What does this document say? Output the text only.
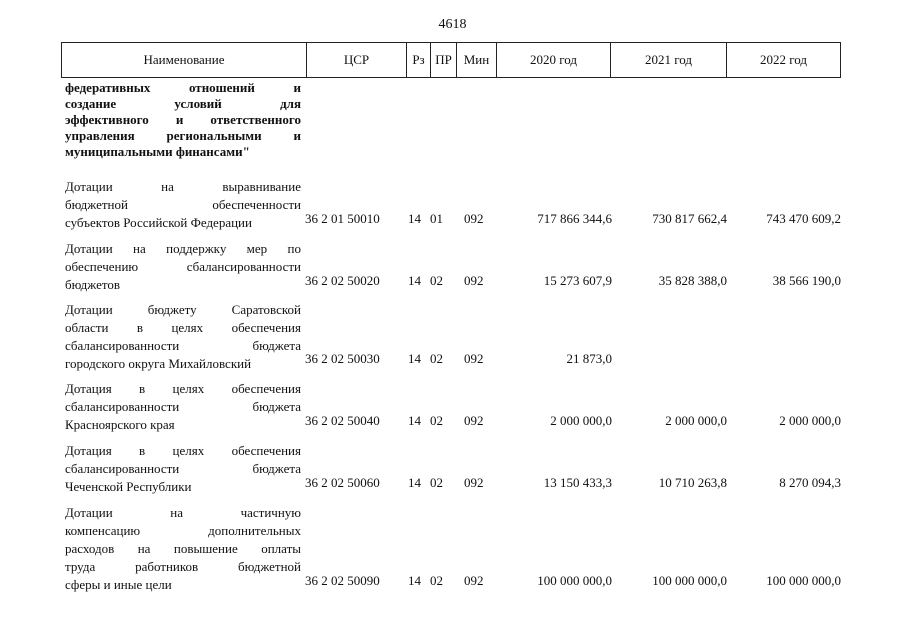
4618
Наименование	ЦСР	Рз ПР Мин	2020 год	2021 год	2022 год
федеративных отношений и
создание условий для
эффективного и ответственного
управления региональными и
муниципальными финансами"
Дотации на выравнивание
бюджетной обеспеченности
субъектов Российской Федерации	36 2 01 50010 14 01 092	717 866 344,6	730 817 662,4	743 470 609,2
Дотации на поддержку мер по
обеспечению сбалансированности
бюджетов	36 2 02 50020 14 02 092	15 273 607,9	35 828 388,0	38 566 190,0
Дотации бюджету Саратовской
области в целях обеспечения
сбалансированности бюджета
городского округа Михайловский	36 2 02 50030 14 02 092	21 873,0
Дотация в целях обеспечения
сбалансированности бюджета
Красноярского края	36 2 02 50040 14 02 092	2 000 000,0	2 000 000,0	2 000 000,0
Дотация в целях обеспечения
сбалансированности бюджета
Чеченской Республики	36 2 02 50060 14 02 092	13 150 433,3	10 710 263,8	8 270 094,3
Дотации на частичную
компенсацию дополнительных
расходов на повышение оплаты
труда работников бюджетной
сферы и иные цели	36 2 02 50090 14 02 092	100 000 000,0	100 000 000,0	100 000 000,0
